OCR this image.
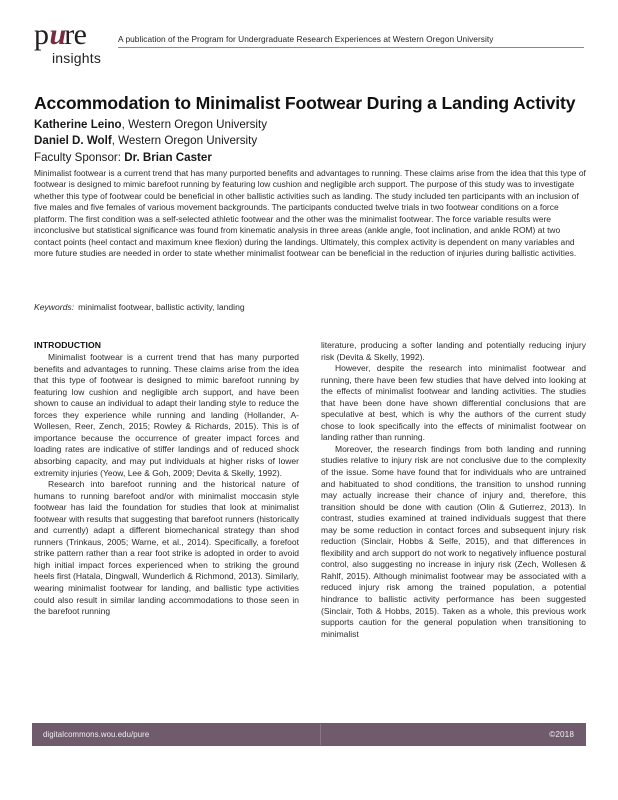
pure
insights
A publication of the Program for Undergraduate Research Experiences at Western Oregon University
Accommodation to Minimalist Footwear During a Landing Activity
Katherine Leino, Western Oregon University
Daniel D. Wolf, Western Oregon University
Faculty Sponsor: Dr. Brian Caster
Minimalist footwear is a current trend that has many purported benefits and advantages to running. These claims arise from the idea that this type of footwear is designed to mimic barefoot running by featuring low cushion and negligible arch support. The purpose of this study was to investigate whether this type of footwear could be beneficial in other ballistic activities such as landing. The study included ten participants with an inclusion of five males and five females of various movement backgrounds. The participants conducted twelve trials in two footwear conditions on a force platform. The first condition was a self-selected athletic footwear and the other was the minimalist footwear. The force variable results were inconclusive but statistical significance was found from kinematic analysis in three areas (ankle angle, foot inclination, and ankle ROM) at two contact points (heel contact and maximum knee flexion) during the landings. Ultimately, this complex activity is dependent on many variables and more future studies are needed in order to state whether minimalist footwear can be beneficial in the reduction of injuries during ballistic activities.
Keywords: minimalist footwear, ballistic activity, landing
INTRODUCTION

Minimalist footwear is a current trend that has many purported benefits and advantages to running. These claims arise from the idea that this type of footwear is designed to mimic barefoot running by featuring low cushion and negligible arch support, and have been shown to cause an individual to adapt their landing style to reduce the forces they experience while running and landing (Hollander, A-Wollesen, Reer, Zench, 2015; Rowley & Richards, 2015). This is of importance because the occurrence of greater impact forces and loading rates are indicative of stiffer landings and of reduced shock absorbing capacity, and may put individuals at higher risks of lower extremity injuries (Yeow, Lee & Goh, 2009; Devita & Skelly, 1992).

Research into barefoot running and the historical nature of humans to running barefoot and/or with minimalist moccasin style footwear has laid the foundation for studies that look at minimalist footwear with results that suggesting that barefoot runners (historically and currently) adapt a different biomechanical strategy than shod runners (Trinkaus, 2005; Warne, et al., 2014). Specifically, a forefoot strike pattern rather than a rear foot strike is adopted in order to avoid high initial impact forces experienced when to striking the ground heels first (Hatala, Dingwall, Wunderlich & Richmond, 2013). Similarly, wearing minimalist footwear for landing, and ballistic type activities could also result in similar landing accommodations to those seen in the barefoot running

literature, producing a softer landing and potentially reducing injury risk (Devita & Skelly, 1992).

However, despite the research into minimalist footwear and running, there have been few studies that have delved into looking at the effects of minimalist footwear and landing activities. The studies that have been done have shown differential conclusions that are speculative at best, which is why the authors of the current study chose to look specifically into the effects of minimalist footwear on landing rather than running.

Moreover, the research findings from both landing and running studies relative to injury risk are not conclusive due to the complexity of the issue. Some have found that for individuals who are untrained and habituated to shod conditions, the transition to unshod running may actually increase their chance of injury and, therefore, this transition should be done with caution (Olin & Gutierrez, 2013). In contrast, studies examined at trained individuals suggest that there may be some reduction in contact forces and subsequent injury risk reduction (Sinclair, Hobbs & Selfe, 2015), and that differences in flexibility and arch support do not work to negatively influence postural control, also suggesting no increase in injury risk (Zech, Wollesen & Rahlf, 2015). Although minimalist footwear may be associated with a reduced injury risk among the trained population, a potential hindrance to ballistic activity performance has been suggested (Sinclair, Toth & Hobbs, 2015). Taken as a whole, this previous work supports caution for the general population when transitioning to minimalist

digitalcommons.wou.edu/pure	©2018
